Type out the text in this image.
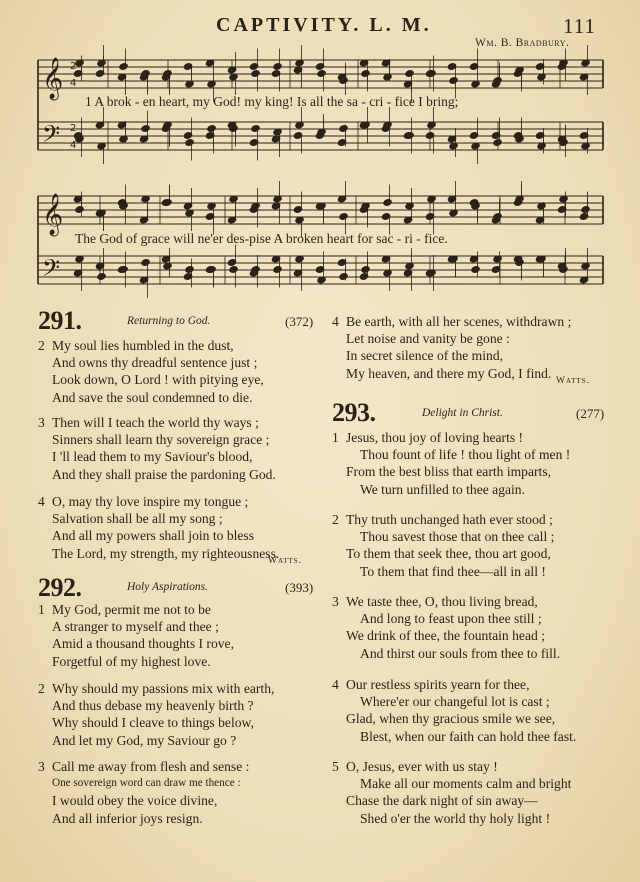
CAPTIVITY. L. M.	111
Wm. B. Bradbury.
𝄞
𝄢
𝄞
𝄢
2
4
2
4
1 A brok - en heart, my God! my king! Is all the sa - cri - fice I bring;
The God of grace will ne'er des-pise A broken heart for sac - ri - fice.
291.	Returning to God.	(372)
2 My soul lies humbled in the dust,
And owns thy dreadful sentence just ;
Look down, O Lord ! with pitying eye,
And save the soul condemned to die.
3 Then will I teach the world thy ways ;
Sinners shall learn thy sovereign grace ;
I 'll lead them to my Saviour's blood,
And they shall praise the pardoning God.
4 O, may thy love inspire my tongue ;
Salvation shall be all my song ;
And all my powers shall join to bless
The Lord, my strength, my righteousness.
Watts.
292.	Holy Aspirations.	(393)
1 My God, permit me not to be
A stranger to myself and thee ;
Amid a thousand thoughts I rove,
Forgetful of my highest love.
2 Why should my passions mix with earth,
And thus debase my heavenly birth ?
Why should I cleave to things below,
And let my God, my Saviour go ?
3 Call me away from flesh and sense :
One sovereign word can draw me thence :
I would obey the voice divine,
And all inferior joys resign.
4 Be earth, with all her scenes, withdrawn ;
Let noise and vanity be gone :
In secret silence of the mind,
My heaven, and there my God, I find.
Watts.
293.	Delight in Christ.	(277)
1 Jesus, thou joy of loving hearts !
Thou fount of life ! thou light of men !
From the best bliss that earth imparts,
We turn unfilled to thee again.
2 Thy truth unchanged hath ever stood ;
Thou savest those that on thee call ;
To them that seek thee, thou art good,
To them that find thee—all in all !
3 We taste thee, O, thou living bread,
And long to feast upon thee still ;
We drink of thee, the fountain head ;
And thirst our souls from thee to fill.
4 Our restless spirits yearn for thee,
Where'er our changeful lot is cast ;
Glad, when thy gracious smile we see,
Blest, when our faith can hold thee fast.
5 O, Jesus, ever with us stay !
Make all our moments calm and bright
Chase the dark night of sin away—
Shed o'er the world thy holy light !
